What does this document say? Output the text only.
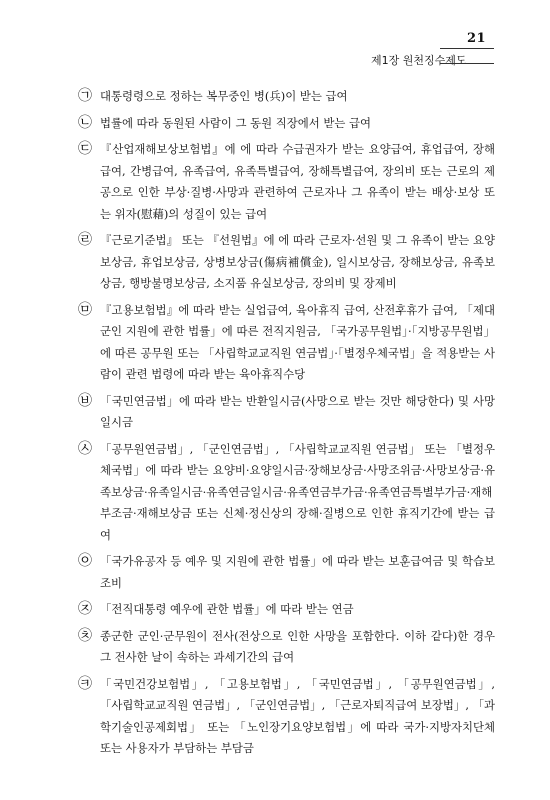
21
제1장 원천징수제도
㉠ 대통령령으로 정하는 복무중인 병(兵)이 받는 급여
㉡ 법률에 따라 동원된 사람이 그 동원 직장에서 받는 급여
㉢ 『산업재해보상보험법』에 에 따라 수급권자가 받는 요양급여, 휴업급여, 장해급여, 간병급여, 유족급여, 유족특별급여, 장해특별급여, 장의비 또는 근로의 제공으로 인한 부상·질병·사망과 관련하여 근로자나 그 유족이 받는 배상·보상 또는 위자(慰藉)의 성질이 있는 급여
㉣ 『근로기준법』 또는 『선원법』에 에 따라 근로자·선원 및 그 유족이 받는 요양보상금, 휴업보상금, 상병보상금(傷病補償金), 일시보상금, 장해보상금, 유족보상금, 행방불명보상금, 소지품 유실보상금, 장의비 및 장제비
㉤ 『고용보험법』에 따라 받는 실업급여, 육아휴직 급여, 산전후휴가 급여, 「제대군인 지원에 관한 법률」에 따른 전직지원금, 「국가공무원법」·「지방공무원법」에 따른 공무원 또는 「사립학교교직원 연금법」·「별정우체국법」을 적용받는 사람이 관련 법령에 따라 받는 육아휴직수당
㉥ 「국민연금법」에 따라 받는 반환일시금(사망으로 받는 것만 해당한다) 및 사망일시금
㉦ 「공무원연금법」, 「군인연금법」, 「사립학교교직원 연금법」 또는 「별정우체국법」에 따라 받는 요양비·요양일시금·장해보상금·사망조위금·사망보상금·유족보상금·유족일시금·유족연금일시금·유족연금부가금·유족연금특별부가금·재해부조금·재해보상금 또는 신체·정신상의 장해·질병으로 인한 휴직기간에 받는 급여
㉧ 「국가유공자 등 예우 및 지원에 관한 법률」에 따라 받는 보훈급여금 및 학습보조비
㉨ 「전직대통령 예우에 관한 법률」에 따라 받는 연금
㉩ 종군한 군인·군무원이 전사(전상으로 인한 사망을 포함한다. 이하 같다)한 경우 그 전사한 날이 속하는 과세기간의 급여
㉪ 「국민건강보험법」, 「고용보험법」, 「국민연금법」, 「공무원연금법」, 「사립학교교직원 연금법」, 「군인연금법」, 「근로자퇴직급여 보장법」, 「과학기술인공제회법」 또는 「노인장기요양보험법」에 따라 국가·지방자치단체 또는 사용자가 부담하는 부담금
